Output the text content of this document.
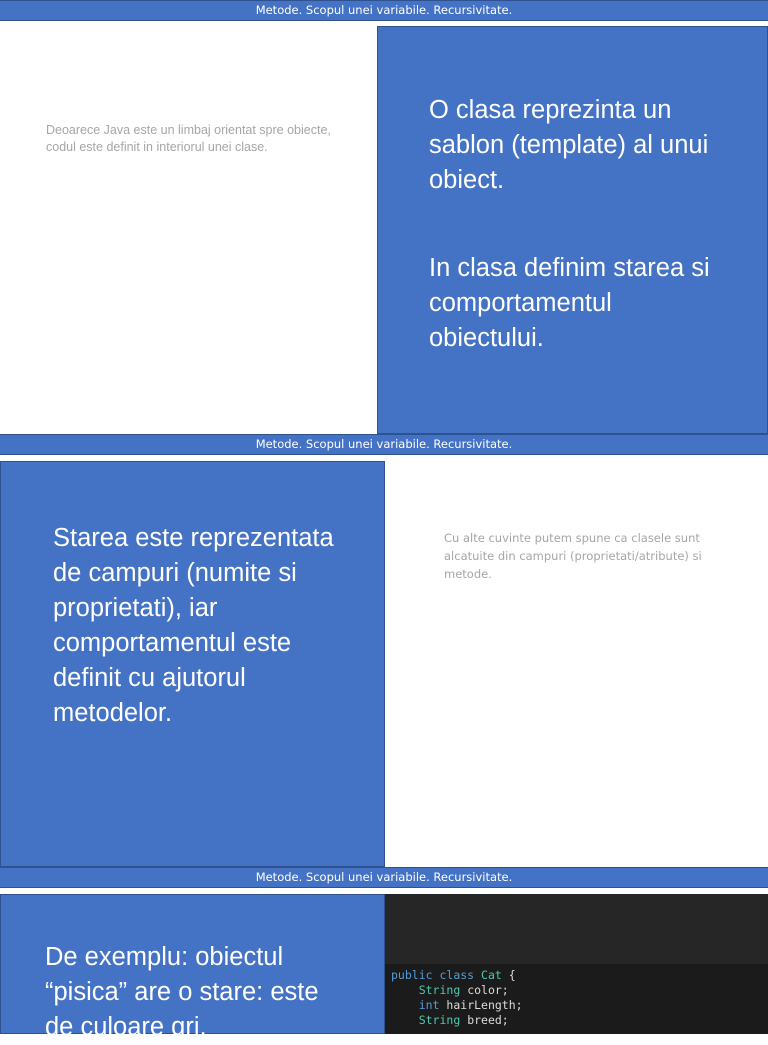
Metode. Scopul unei variabile. Recursivitate.

Deoarece Java este un limbaj orientat spre obiecte, codul este definit in interiorul unei clase.

O clasa reprezinta un sablon (template) al unui obiect.

In clasa definim starea si comportamentul obiectului.

Metode. Scopul unei variabile. Recursivitate.

Starea este reprezentata de campuri (numite si proprietati), iar comportamentul este definit cu ajutorul metodelor.

Cu alte cuvinte putem spune ca clasele sunt alcatuite din campuri (proprietati/atribute) si metode.

Metode. Scopul unei variabile. Recursivitate.

De exemplu: obiectul “pisica” are o stare: este de culoare gri,

public class Cat {
String color;
int hairLength;
String breed;
